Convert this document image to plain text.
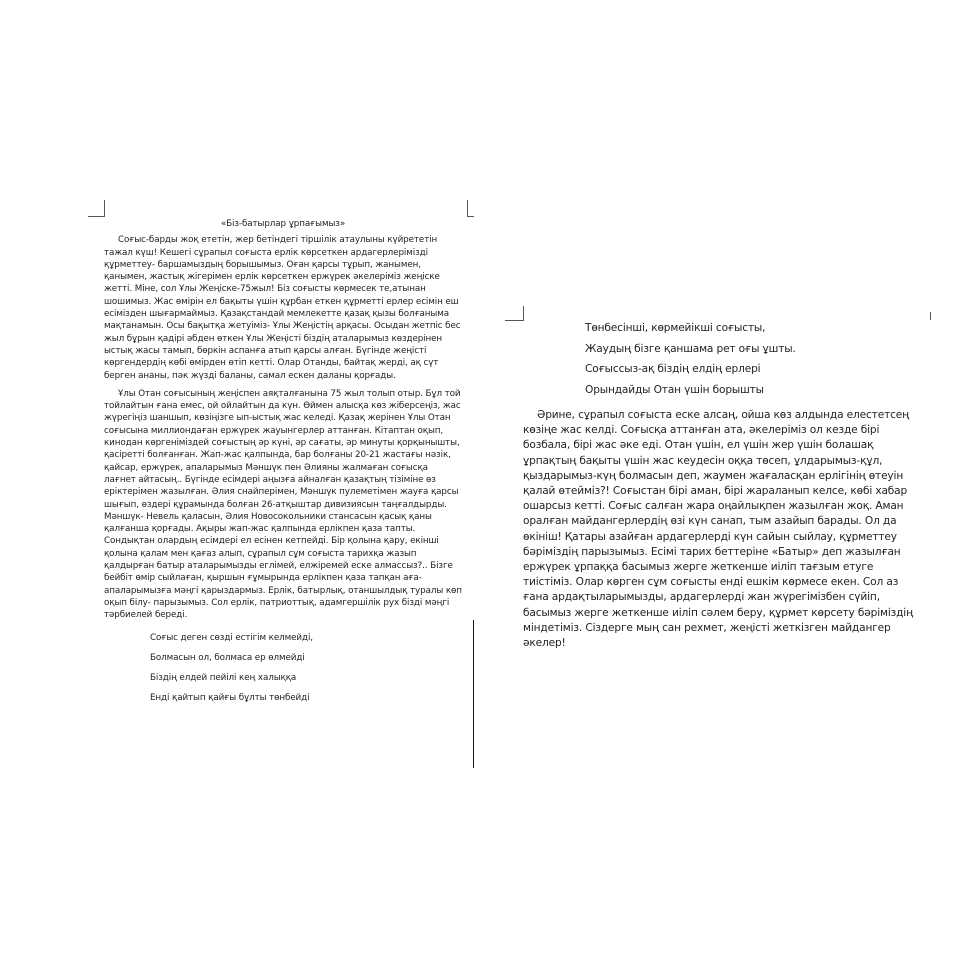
«Біз-батырлар ұрпағымыз»

Соғыс-барды жоқ ететін, жер бетіндегі тіршілік атаулыны күйрететін тажал күш! Кешегі сұрапыл соғыста ерлік көрсеткен ардагерлерімізді құрметтеу- баршамыздың борышымыз. Оған қарсы тұрып, жанымен, қанымен, жастық жігерімен ерлік көрсеткен ержүрек әкелеріміз жеңіске жетті. Міне, сол Ұлы Жеңіске-75жыл! Біз соғысты көрмесек те,атынан шошимыз. Жас өмірін ел бақыты үшін құрбан еткен құрметті ерлер есімін еш есімізден шығармаймыз. Қазақстандай мемлекетте қазақ қызы болғаныма мақтанамын. Осы бақытқа жетуіміз- Ұлы Жеңістің арқасы. Осыдан жетпіс бес жыл бұрын қадірі әбден өткен Ұлы Жеңісті біздің аталарымыз көздерінен ыстық жасы тамып, бөркін аспанға атып қарсы алған. Бүгінде жеңісті көргендердің көбі өмірден өтіп кетті. Олар Отанды, байтақ жерді, ақ сүт берген ананы, пәк жүзді баланы, самал ескен даланы қорғады.

Ұлы Отан соғысының жеңіспен аяқталғанына 75 жыл толып отыр. Бұл той тойлайтын ғана емес, ой ойлайтын да күн. Өймен алысқа көз жіберсеңіз, жас жүрегіңіз шаншып, көзіңізге ып-ыстық жас келеді. Қазақ жерінен Ұлы Отан соғысына миллиондаған ержүрек жауынгерлер аттанған. Кітаптан оқып, кинодан көргеніміздей соғыстың әр күні, әр сағаты, әр минуты қорқынышты, қасіретті болғанған. Жап-жас қалпында, бар болғаны 20-21 жастағы нәзік, қайсар, ержүрек, апаларымыз Мәншүк пен Әлияны жалмаған соғысқа лағнет айтасың.. Бүгінде есімдері аңызға айналған қазақтың тізіміне өз еріктерімен жазылған. Әлия снайперімен, Мәншүк пулеметімен жауға қарсы шығып, өздері құрамында болған 26-атқыштар дивизиясын таңғалдырды. Мәншүк- Невель қаласын, Әлия Новосокольники стансасын қасық қаны қалғанша қорғады. Ақыры жап-жас қалпында ерлікпен қаза тапты. Сондықтан олардың есімдері ел есінен кетпейді. Бір қолына қару, екінші қолына қалам мен қағаз алып, сұрапыл сұм соғыста тарихқа жазып қалдырған батыр аталарымызды еглімей, елжіремей еске алмассыз?.. Бізге бейбіт өмір сыйлаған, қыршын ғұмырында ерлікпен қаза тапқан аға-апаларымызға мәңгі қарыздармыз. Ерлік, батырлық, отаншылдық туралы көп оқып білу- парызымыз. Сол ерлік, патриоттық, адамгершілік рух бізді мәңгі тәрбиелей береді.

Соғыс деген сөзді естігім келмейді,
Болмасын ол, болмаса ер өлмейді
Біздің елдей пейілі кең халыққа
Енді қайтып қайғы бұлты төнбейді
Төнбесінші, көрмейікші соғысты,
Жаудың бізге қаншама рет оғы ұшты.
Соғыссыз-ақ біздің елдің ерлері
Орындайды Отан үшін борышты

Әрине, сұрапыл соғыста еске алсаң, ойша көз алдында елестетсең көзіңе жас келді. Соғысқа аттанған ата, әкелеріміз ол кезде бірі бозбала, бірі жас әке еді. Отан үшін, ел үшін жер үшін болашақ ұрпақтың бақыты үшін жас кеудесін оққа төсеп, ұлдарымыз-құл, қыздарымыз-күң болмасын деп, жаумен жағаласқан ерлігінің өтеуін қалай өтейміз?! Соғыстан бірі аман, бірі жараланып келсе, көбі хабар ошарсыз кетті. Соғыс салған жара оңайлықпен жазылған жоқ. Аман оралған майдангерлердің өзі күн санап, тым азайып барады. Ол да өкініш! Қатары азайған ардагерлерді күн сайын сыйлау, құрметтеу бәріміздің парызымыз. Есімі тарих беттеріне «Батыр» деп жазылған ержүрек ұрпаққа басымыз жерге жеткенше иіліп тағзым етуге тиістіміз. Олар көрген сұм соғысты енді ешкім көрмесе екен. Сол аз ғана ардақтыларымызды, ардагерлерді жан жүрегімізбен сүйіп, басымыз жерге жеткенше иіліп сәлем беру, құрмет көрсету бәріміздің міндетіміз. Сіздерге мың сан рехмет, жеңісті жеткізген майдангер әкелер!
